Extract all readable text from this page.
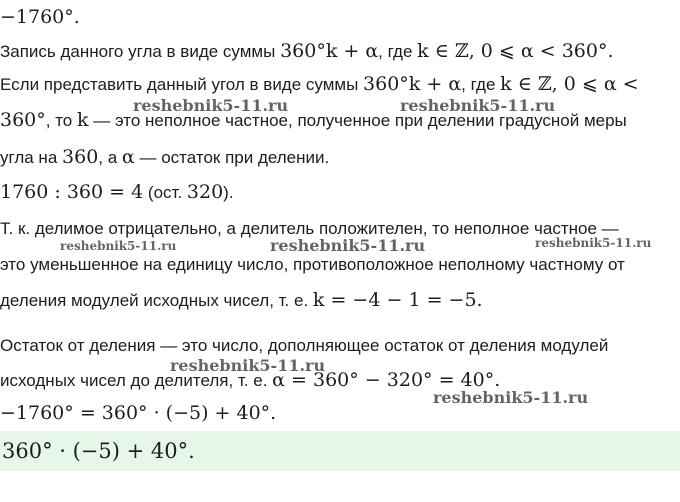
−1760°.
Запись данного угла в виде суммы 360°k + α, где k ∈ ℤ, 0 ⩽ α < 360°.
Если представить данный угол в виде суммы 360°k + α, где k ∈ ℤ, 0 ⩽ α <
360°, то k — это неполное частное, полученное при делении градусной меры
угла на 360, а α — остаток при делении.
1760 : 360 = 4 (ост. 320).
Т. к. делимое отрицательно, а делитель положителен, то неполное частное —
это уменьшенное на единицу число, противоположное неполному частному от
деления модулей исходных чисел, т. е. k = −4 − 1 = −5.
Остаток от деления — это число, дополняющее остаток от деления модулей
исходных чисел до делителя, т. е. α = 360° − 320° = 40°.
−1760° = 360° · (−5) + 40°.
360° · (−5) + 40°.
reshebnik5-11.ru	reshebnik5-11.ru
reshebnik5-11.ru	reshebnik5-11.ru	reshebnik5-11.ru
reshebnik5-11.ru
reshebnik5-11.ru
